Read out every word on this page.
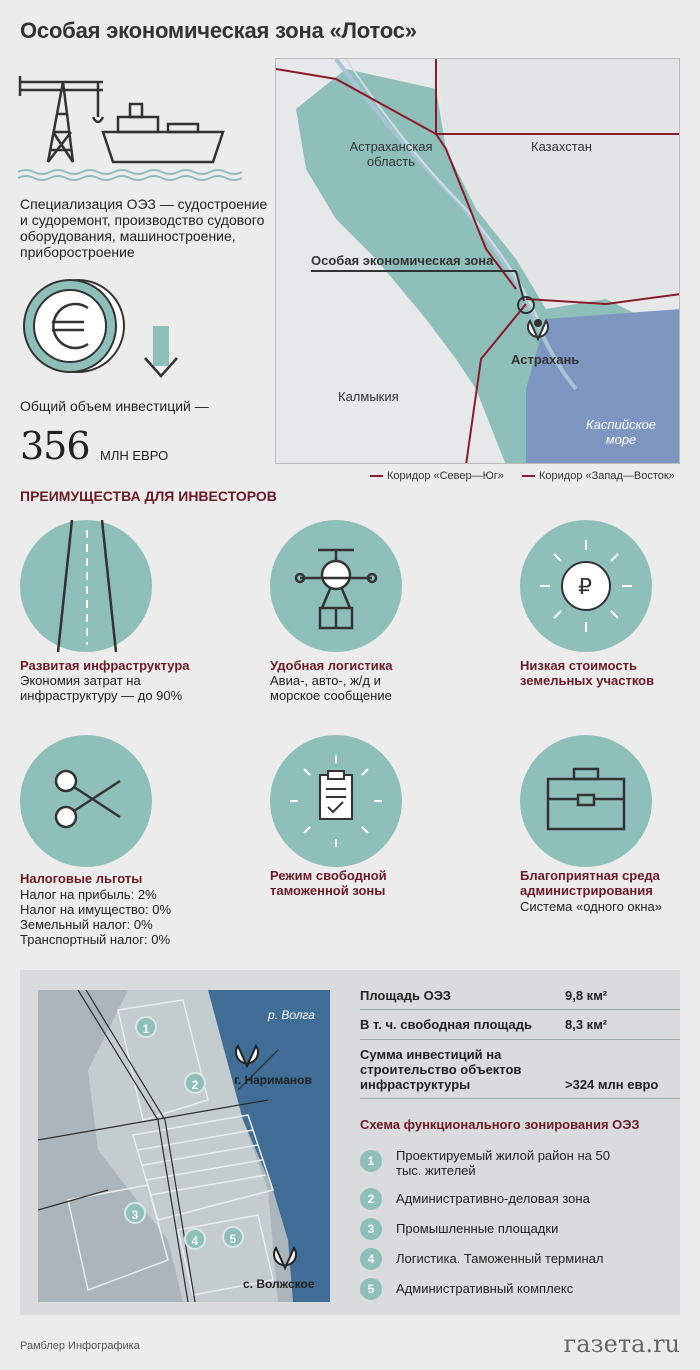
Особая экономическая зона «Лотос»
Специализация ОЭЗ — судостроение и судоремонт, производство судового оборудования, машиностроение, приборостроение
Общий объем инвестиций —
356 МЛН ЕВРО
Астраханская область
Казахстан
Особая экономическая зона
Астрахань
Калмыкия
Каспийское море
Коридор «Север—Юг»	Коридор «Запад—Восток»
ПРЕИМУЩЕСТВА ДЛЯ ИНВЕСТОРОВ
₽
Развитая инфраструктура
Экономия затрат на инфраструктуру — до 90%
Удобная логистика
Авиа-, авто-, ж/д и морское сообщение
Низкая стоимость земельных участков
Налоговые льготы
Налог на прибыль: 2%
Налог на имущество: 0%
Земельный налог: 0%
Транспортный налог: 0%
Режим свободной таможенной зоны
Благоприятная среда администрирования
Система «одного окна»
1
2
3
4	5
р. Волга
г. Нариманов
с. Волжское
Площадь ОЭЗ	9,8 км²
В т. ч. свободная площадь	8,3 км²
Сумма инвестиций на строительство объектов инфраструктуры	>324 млн евро
Схема функционального зонирования ОЭЗ
1	Проектируемый жилой район на 50 тыс. жителей
2	Административно-деловая зона
3	Промышленные площадки
4	Логистика. Таможенный терминал
5	Административный комплекс
Рамблер Инфографика	газета.ru
